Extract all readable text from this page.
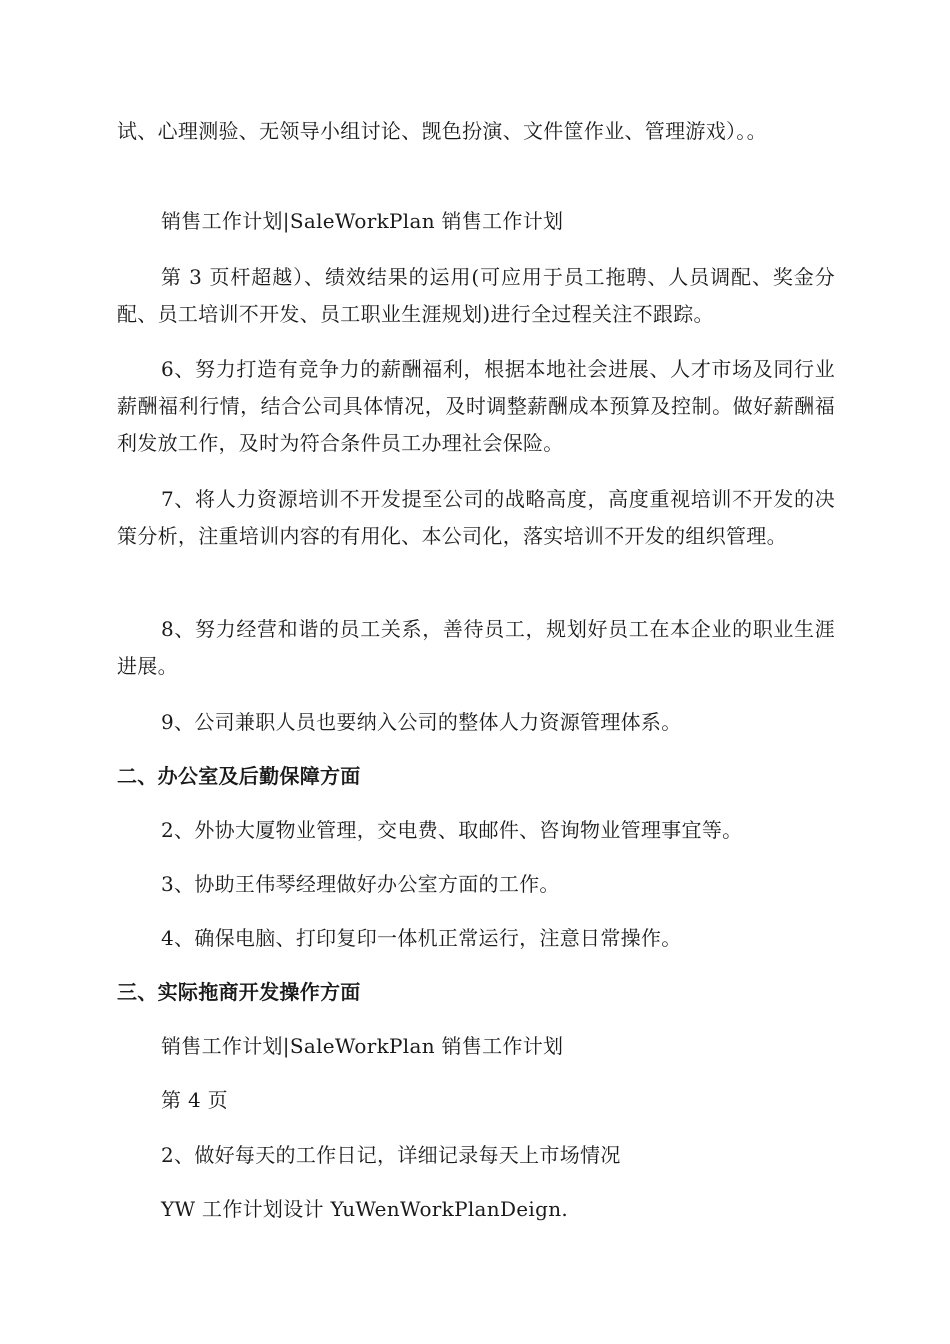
试、心理测验、无领导小组讨论、觊色扮演、文件筐作业、管理游戏）。。

销售工作计划|SaleWorkPlan 销售工作计划

第 3 页杆超越）、绩效结果的运用(可应用于员工拖聘、人员调配、奖金分配、员工培训不开发、员工职业生涯规划)进行全过程关注不跟踪。

6、努力打造有竞争力的薪酬福利，根据本地社会进展、人才市场及同行业薪酬福利行情，结合公司具体情况，及时调整薪酬成本预算及控制。做好薪酬福利发放工作，及时为符合条件员工办理社会保险。

7、将人力资源培训不开发提至公司的战略高度，高度重视培训不开发的决策分析，注重培训内容的有用化、本公司化，落实培训不开发的组织管理。

8、努力经营和谐的员工关系，善待员工，规划好员工在本企业的职业生涯进展。

9、公司兼职人员也要纳入公司的整体人力资源管理体系。

二、办公室及后勤保障方面

2、外协大厦物业管理，交电费、取邮件、咨询物业管理事宜等。

3、协助王伟琴经理做好办公室方面的工作。

4、确保电脑、打印复印一体机正常运行，注意日常操作。

三、实际拖商开发操作方面

销售工作计划|SaleWorkPlan 销售工作计划

第 4 页

2、做好每天的工作日记，详细记录每天上市场情况

YW 工作计划设计 YuWenWorkPlanDeign.
